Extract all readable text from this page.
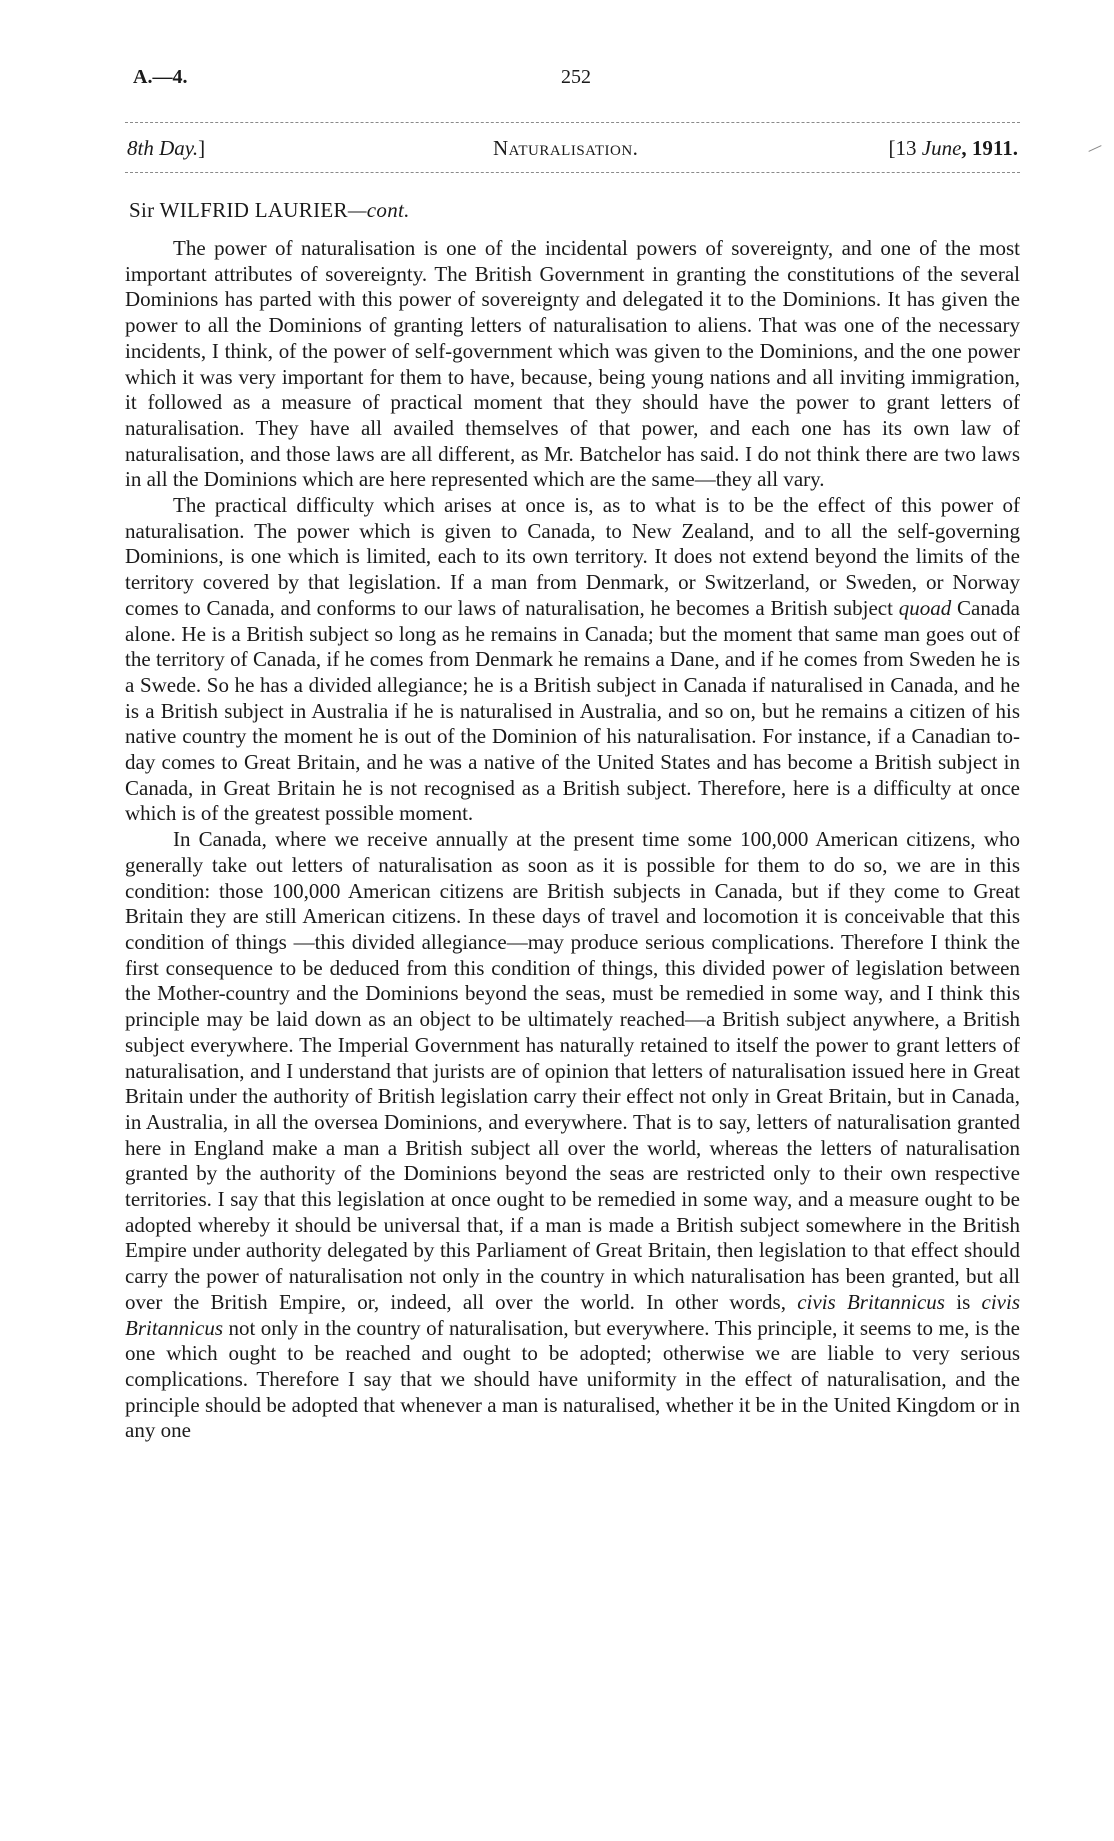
A.—4.	252
8th Day.]	Naturalisation.	[13 June, 1911.
Sir WILFRID LAURIER—cont.

The power of naturalisation is one of the incidental powers of sovereignty, and one of the most important attributes of sovereignty. The British Government in granting the constitutions of the several Dominions has parted with this power of sovereignty and delegated it to the Dominions. It has given the power to all the Dominions of granting letters of naturalisation to aliens. That was one of the necessary incidents, I think, of the power of self-government which was given to the Dominions, and the one power which it was very important for them to have, because, being young nations and all inviting immigration, it followed as a measure of practical moment that they should have the power to grant letters of naturalisation. They have all availed themselves of that power, and each one has its own law of naturalisation, and those laws are all different, as Mr. Batchelor has said. I do not think there are two laws in all the Dominions which are here represented which are the same—they all vary.

The practical difficulty which arises at once is, as to what is to be the effect of this power of naturalisation. The power which is given to Canada, to New Zealand, and to all the self-governing Dominions, is one which is limited, each to its own territory. It does not extend beyond the limits of the territory covered by that legislation. If a man from Denmark, or Switzerland, or Sweden, or Norway comes to Canada, and conforms to our laws of naturalisation, he becomes a British subject quoad Canada alone. He is a British subject so long as he remains in Canada; but the moment that same man goes out of the territory of Canada, if he comes from Denmark he remains a Dane, and if he comes from Sweden he is a Swede. So he has a divided allegiance; he is a British subject in Canada if naturalised in Canada, and he is a British subject in Australia if he is naturalised in Australia, and so on, but he remains a citizen of his native country the moment he is out of the Dominion of his naturalisation. For instance, if a Canadian to-day comes to Great Britain, and he was a native of the United States and has become a British subject in Canada, in Great Britain he is not recognised as a British subject. Therefore, here is a difficulty at once which is of the greatest possible moment.

In Canada, where we receive annually at the present time some 100,000 American citizens, who generally take out letters of naturalisation as soon as it is possible for them to do so, we are in this condition: those 100,000 American citizens are British subjects in Canada, but if they come to Great Britain they are still American citizens. In these days of travel and locomotion it is conceivable that this condition of things —this divided allegiance—may produce serious complications. Therefore I think the first consequence to be deduced from this condition of things, this divided power of legislation between the Mother-country and the Dominions beyond the seas, must be remedied in some way, and I think this principle may be laid down as an object to be ultimately reached—a British subject anywhere, a British subject everywhere. The Imperial Government has naturally retained to itself the power to grant letters of naturalisation, and I understand that jurists are of opinion that letters of naturalisation issued here in Great Britain under the authority of British legislation carry their effect not only in Great Britain, but in Canada, in Australia, in all the oversea Dominions, and everywhere. That is to say, letters of naturalisation granted here in England make a man a British subject all over the world, whereas the letters of naturalisation granted by the authority of the Dominions beyond the seas are restricted only to their own respective territories. I say that this legislation at once ought to be remedied in some way, and a measure ought to be adopted whereby it should be universal that, if a man is made a British subject somewhere in the British Empire under authority delegated by this Parliament of Great Britain, then legislation to that effect should carry the power of naturalisation not only in the country in which naturalisation has been granted, but all over the British Empire, or, indeed, all over the world. In other words, civis Britannicus is civis Britannicus not only in the country of naturalisation, but everywhere. This principle, it seems to me, is the one which ought to be reached and ought to be adopted; otherwise we are liable to very serious complications. Therefore I say that we should have uniformity in the effect of naturalisation, and the principle should be adopted that whenever a man is naturalised, whether it be in the United Kingdom or in any one
